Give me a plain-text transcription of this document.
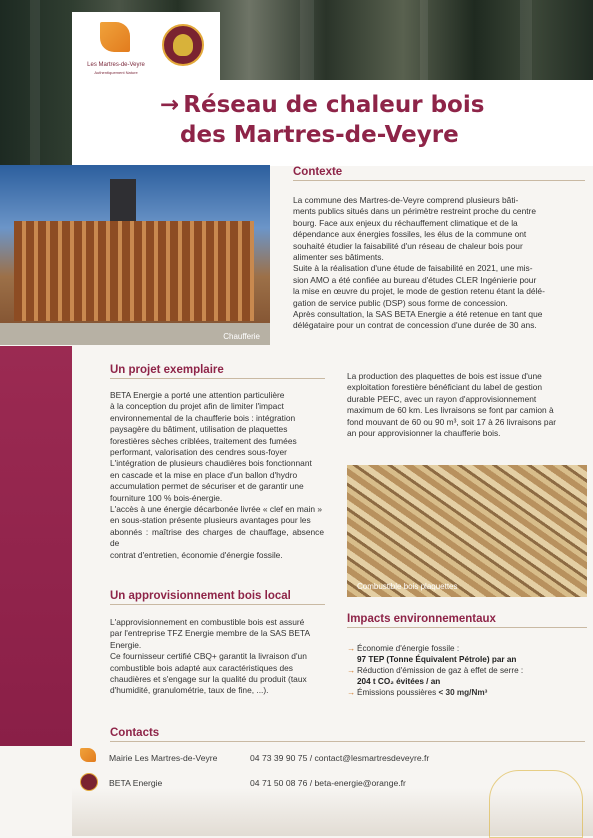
Les Martres-de-Veyre
Authentiquement Nature
→ Réseau de chaleur bois
des Martres-de-Veyre
Chaufferie
Contexte

La commune des Martres-de-Veyre comprend plusieurs bâti-
ments publics situés dans un périmètre restreint proche du centre
bourg. Face aux enjeux du réchauffement climatique et de la
dépendance aux énergies fossiles, les élus de la commune ont
souhaité étudier la faisabilité d'un réseau de chaleur bois pour
alimenter ses bâtiments.
Suite à la réalisation d'une étude de faisabilité en 2021, une mis-
sion AMO a été confiée au bureau d'études CLER Ingénierie pour
la mise en œuvre du projet, le mode de gestion retenu étant la délé-
gation de service public (DSP) sous forme de concession.
Après consultation, la SAS BETA Energie a été retenue en tant que
délégataire pour un contrat de concession d'une durée de 30 ans.

Un projet exemplaire

BETA Energie a porté une attention particulière
à la conception du projet afin de limiter l'impact
environnemental de la chaufferie bois : intégration
paysagère du bâtiment, utilisation de plaquettes
forestières sèches criblées, traitement des fumées
performant, valorisation des cendres sous-foyer
L'intégration de plusieurs chaudières bois fonctionnant
en cascade et la mise en place d'un ballon d'hydro
accumulation permet de sécuriser et de garantir une
fourniture 100 % bois-énergie.
L'accès à une énergie décarbonée livrée « clef en main »
en sous-station présente plusieurs avantages pour les
abonnés : maîtrise des charges de chauffage, absence de
contrat d'entretien, économie d'énergie fossile.

La production des plaquettes de bois est issue d'une
exploitation forestière bénéficiant du label de gestion
durable PEFC, avec un rayon d'approvisionnement
maximum de 60 km. Les livraisons se font par camion à
fond mouvant de 60 ou 90 m³, soit 17 à 26 livraisons par
an pour approvisionner la chaufferie bois.

Combustible bois plaquettes
Un approvisionnement bois local

L'approvisionnement en combustible bois est assuré
par l'entreprise TFZ Energie membre de la SAS BETA
Energie.
Ce fournisseur certifié CBQ+ garantit la livraison d'un
combustible bois adapté aux caractéristiques des
chaudières et s'engage sur la qualité du produit (taux
d'humidité, granulométrie, taux de fine, ...).

Impacts environnementaux
→ Économie d'énergie fossile :
97 TEP (Tonne Équivalent Pétrole) par an
→ Réduction d'émission de gaz à effet de serre :
204 t CO₂ évitées / an
→ Émissions poussières < 30 mg/Nm³
Contacts
Mairie Les Martres-de-Veyre	04 73 39 90 75 / contact@lesmartresdeveyre.fr
BETA Energie	04 71 50 08 76 / beta-energie@orange.fr
